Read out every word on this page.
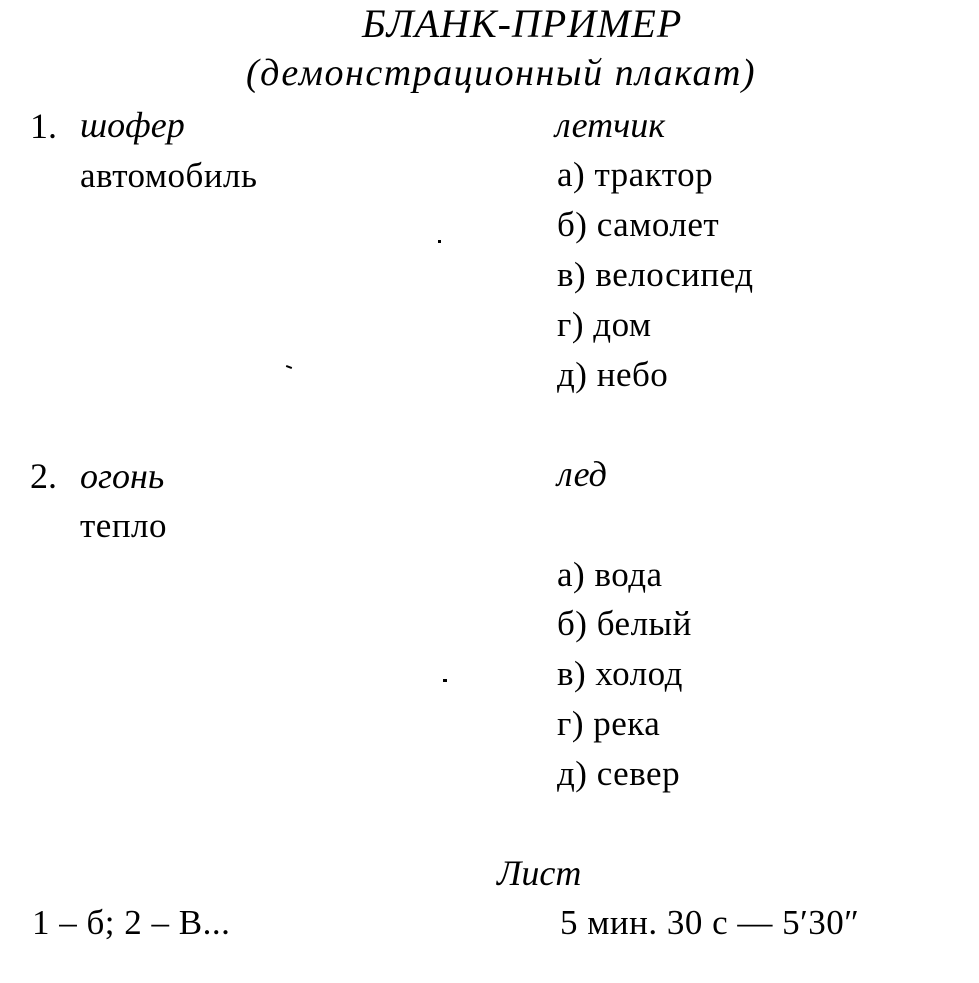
БЛАНК-ПРИМЕР
(демонстрационный плакат)
1. шофер
автомобиль
летчик
а) трактор
б) самолет
в) велосипед
г) дом
д) небо
2. огонь
тепло
лед
а) вода
б) белый
в) холод
г) река
д) север
Лист
1 – б; 2 – В...	5 мин. 30 с — 5′30″
